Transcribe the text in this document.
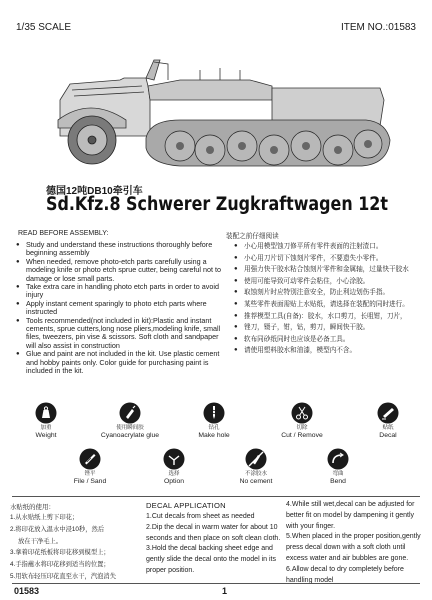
1/35 SCALE	ITEM NO.:01583
德国12吨DB10牵引车
Sd.Kfz.8 Schwerer Zugkraftwagen 12t
READ BEFORE ASSEMBLY:	装配之前仔细阅读
● Study and understand these instructions thoroughly before beginning assembly
● When needed, remove photo-etch parts carefully using a modeling knife or photo etch sprue cutter, being careful not to damage or lose small parts.
● Take extra care in handling photo etch parts in order to avoid injury
● Apply instant cement sparingly to photo etch parts where instructed
● Tools recommended(not included in kit):Plastic and instant cements, sprue cutters,long nose pliers,modeling knife, small files, tweezers, pin vise & scissors. Soft cloth and sandpaper will also assist in construction
● Glue and paint are not included in the kit. Use plastic cement and hobby paints only. Color guide for purchasing paint is included in the kit.
● 小心用模型蚀刀修平所有零件表面的注射渣口。
● 小心用刀片切下蚀刻片零件，不要遗失小零件。
● 用强力快干胶水粘合蚀刻片零件和金属轴，过量快干胶水
● 使用可能导致可动零件会粘住，小心涂胶。
● 取蚀刻片时应特别注意安全，防止利边划伤手指。
● 某些零件表面需贴上水贴纸，请选择在装配的同时进行。
● 推荐模型工具(自备)：胶水，水口剪刀，长咀钳，刀片，
● 锉刀，镊子，钳，钻，剪刀，瞬间快干胶。
● 软布同砂纸同时也应该是必备工具。
● 请使用塑料胶水和油漆，模型内不含。
加重
Weight
使用瞬间胶
Cyanoacrylate glue
钻孔
Make hole
切除
Cut / Remove
贴纸
Decal
锉平
File / Sand
选择
Option
不涂胶水
No cement
弯曲
Bend
水贴纸的使用：
1.从水贴纸上剪下印花；
2.将印花放入温水中浸10秒，然后
放在干净毛上。
3.拿着印花纸板将印花移到模型上；
4.手指蘸水将印花移到适当的位置；
5.用软布轻压印花直至水干，汽泡消失
DECAL APPLICATION
1.Cut decals from sheet as needed
2.Dip the decal in warm water for about 10 seconds and then place on soft clean cloth.
3.Hold the decal backing sheet edge and gently slide the decal onto the model in its proper position.
4.While still wet,decal can be adjusted for better fit on model by dampening it gently with your finger.
5.When placed in the proper position,gently press decal down with a soft cloth until excess water and air bubbles are gone.
6.Allow decal to dry completely before handling model
01583	1
